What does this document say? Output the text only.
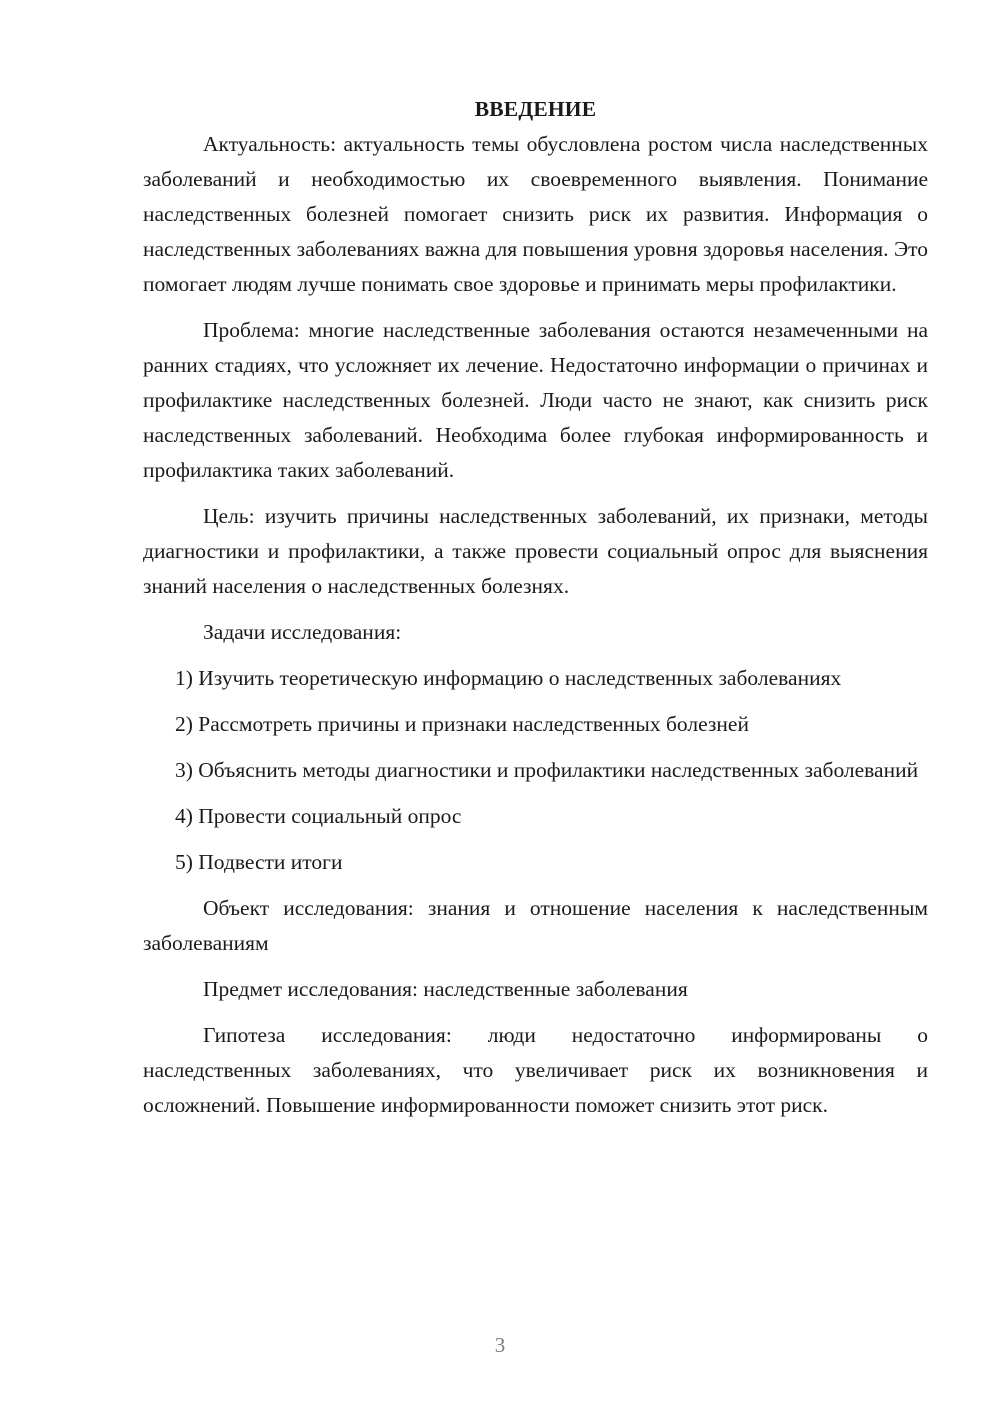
ВВЕДЕНИЕ

Актуальность: актуальность темы обусловлена ростом числа наследственных заболеваний и необходимостью их своевременного выявления. Понимание наследственных болезней помогает снизить риск их развития. Информация о наследственных заболеваниях важна для повышения уровня здоровья населения. Это помогает людям лучше понимать свое здоровье и принимать меры профилактики.

Проблема: многие наследственные заболевания остаются незамеченными на ранних стадиях, что усложняет их лечение. Недостаточно информации о причинах и профилактике наследственных болезней. Люди часто не знают, как снизить риск наследственных заболеваний. Необходима более глубокая информированность и профилактика таких заболеваний.

Цель: изучить причины наследственных заболеваний, их признаки, методы диагностики и профилактики, а также провести социальный опрос для выяснения знаний населения о наследственных болезнях.

Задачи исследования:

1) Изучить теоретическую информацию о наследственных заболеваниях

2) Рассмотреть причины и признаки наследственных болезней

3) Объяснить методы диагностики и профилактики наследственных заболеваний

4) Провести социальный опрос

5) Подвести итоги

Объект исследования: знания и отношение населения к наследственным заболеваниям

Предмет исследования: наследственные заболевания

Гипотеза исследования: люди недостаточно информированы о наследственных заболеваниях, что увеличивает риск их возникновения и осложнений. Повышение информированности поможет снизить этот риск.

3
